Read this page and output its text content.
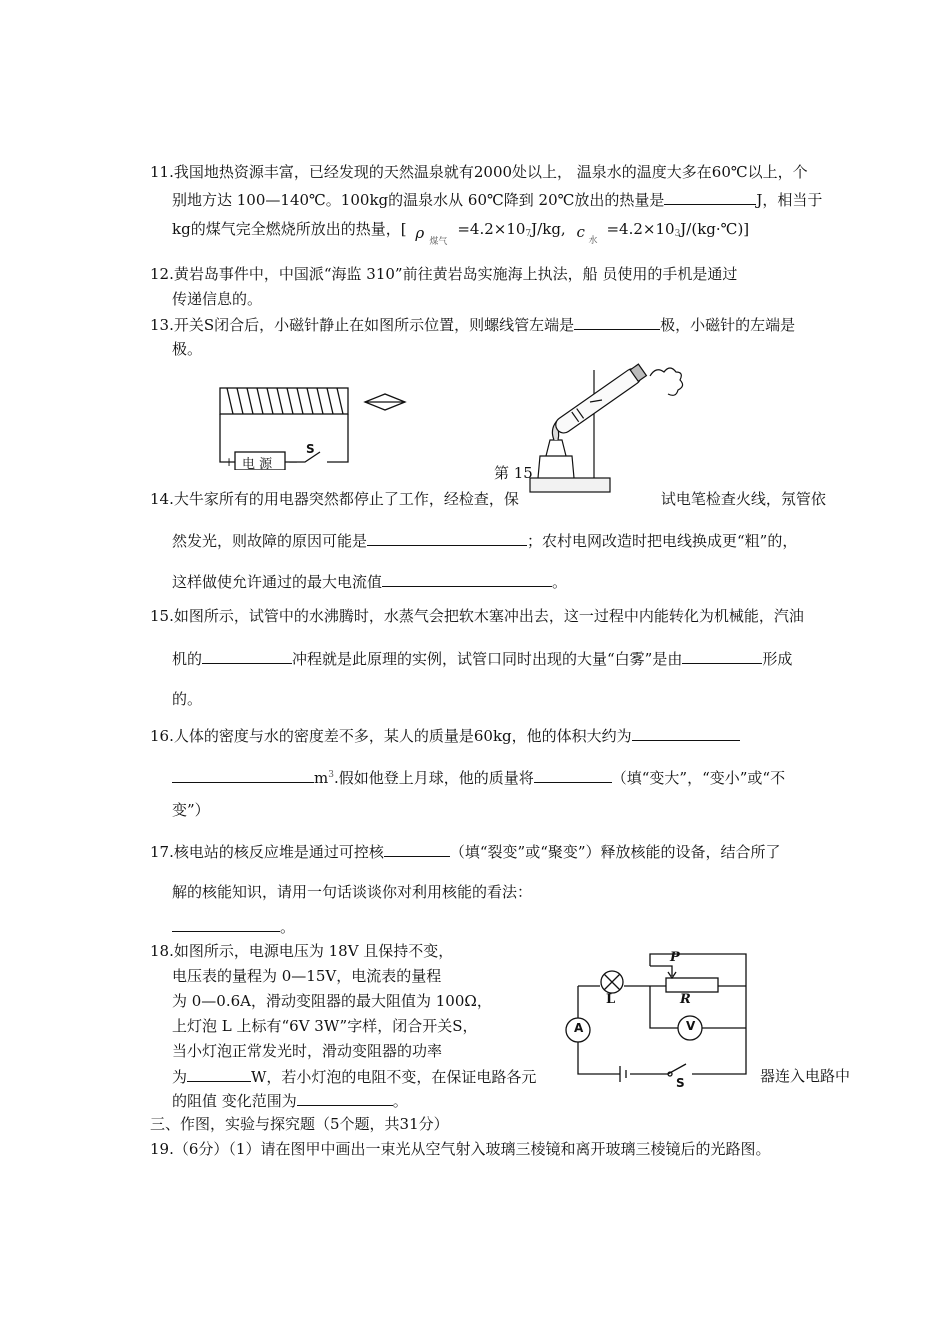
11.我国地热资源丰富，已经发现的天然温泉就有2000处以上， 温泉水的温度大多在60℃以上，个
别地方达 100—140℃。100kg的温泉水从 60℃降到 20℃放出的热量是	J，相当于
kg的煤气完全燃烧所放出的热量，[ ρ 煤气
$=4.2\times 10^7J/kg$, c 水
$=4.2\times 10^3J/(kg\cdot℃)$]
12.黄岩岛事件中，中国派“海监 310”前往黄岩岛实施海上执法，船 员使用的手机是通过
传递信息的。
13.开关S闭合后，小磁针静止在如图所示位置，则螺线管左端是	极，小磁针的左端是
极。
+ 电 源 −
S
第 15
14.大牛家所有的用电器突然都停止了工作，经检查，保	试电笔检查火线，氖管依
然发光，则故障的原因可能是	；农村电网改造时把电线换成更“粗”的，
这样做使允许通过的最大电流值	。
15.如图所示，试管中的水沸腾时，水蒸气会把软木塞冲出去，这一过程中内能转化为机械能，汽油
机的	冲程就是此原理的实例，试管口同时出现的大量“白雾”是由	形成
的。
16.人体的密度与水的密度差不多，某人的质量是60kg，他的体积大约为
$m^3$.假如他登上月球，他的质量将	（填“变大”，“变小”或“不
变”）
17.核电站的核反应堆是通过可控核	（填“裂变”或“聚变”）释放核能的设备，结合所了
解的核能知识，请用一句话谈谈你对利用核能的看法：
。
18.如图所示，电源电压为 18V 且保持不变，
电压表的量程为 0—15V，电流表的量程
为 0—0.6A，滑动变阻器的最大阻值为 100Ω，
上灯泡 L 上标有“6V 3W”字样，闭合开关S，
当小灯泡正常发光时，滑动变阻器的功率
为	W，若小灯泡的电阻不变，在保证电路各元	器连入电路中
的阻值 变化范围为	。
P
L	R
A	V
S
三、作图，实验与探究题（5个题，共31分）
19.（6分）（1）请在图甲中画出一束光从空气射入玻璃三棱镜和离开玻璃三棱镜后的光路图。
